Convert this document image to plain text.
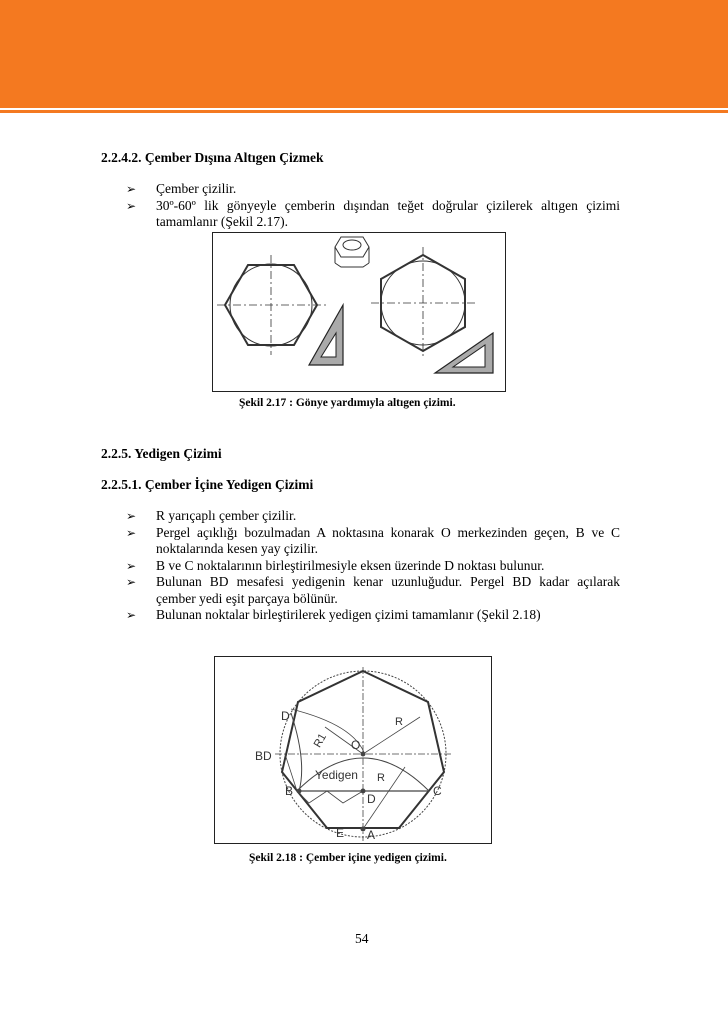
2.2.4.2. Çember Dışına Altıgen Çizmek
➢ Çember çizilir.
➢ 30º-60º lik gönyeyle çemberin dışından teğet doğrular çizilerek altıgen çizimi tamamlanır (Şekil 2.17).
Şekil 2.17 : Gönye yardımıyla altıgen çizimi.
2.2.5. Yedigen Çizimi
2.2.5.1. Çember İçine Yedigen Çizimi
➢ R yarıçaplı çember çizilir.
➢ Pergel açıklığı bozulmadan A noktasına konarak O merkezinden geçen, B ve C noktalarında kesen yay çizilir.
➢ B ve C noktalarının birleştirilmesiyle eksen üzerinde D noktası bulunur.
➢ Bulunan BD mesafesi yedigenin kenar uzunluğudur. Pergel BD kadar açılarak çember yedi eşit parçaya bölünür.
➢ Bulunan noktalar birleştirilerek yedigen çizimi tamamlanır (Şekil 2.18)
D
BD
B
O
R1
R
Yedigen R
C
D
E A
Şekil 2.18 : Çember içine yedigen çizimi.
54
